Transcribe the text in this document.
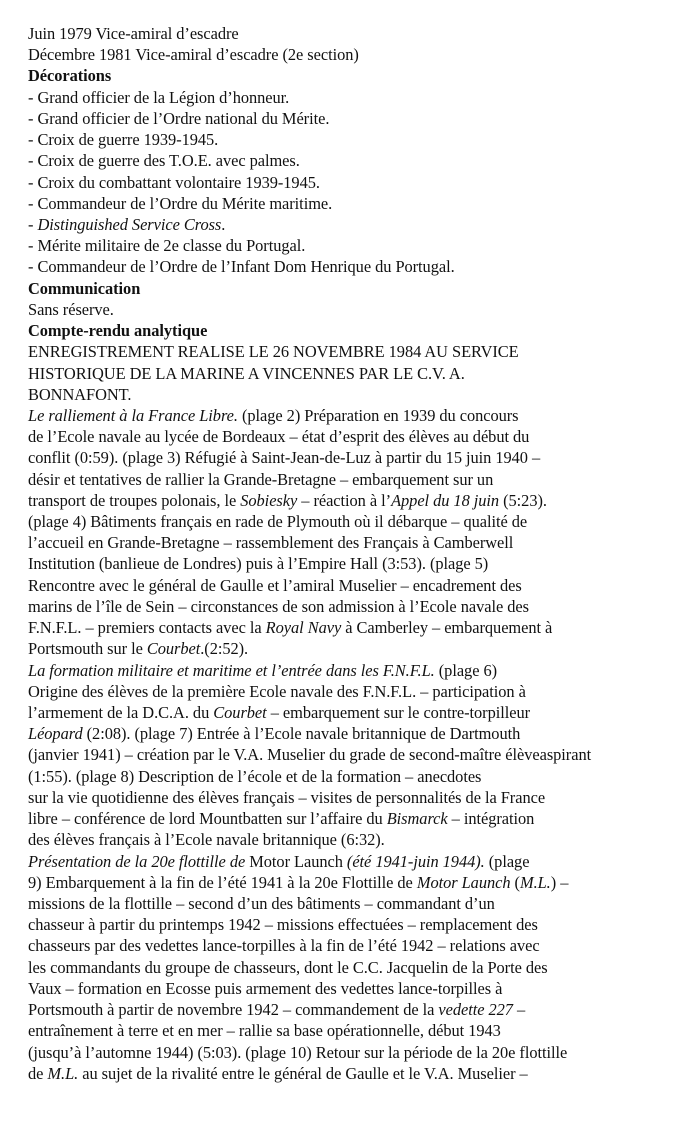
Juin 1979 Vice-amiral d’escadre
Décembre 1981 Vice-amiral d’escadre (2e section)
Décorations
- Grand officier de la Légion d’honneur.
- Grand officier de l’Ordre national du Mérite.
- Croix de guerre 1939-1945.
- Croix de guerre des T.O.E. avec palmes.
- Croix du combattant volontaire 1939-1945.
- Commandeur de l’Ordre du Mérite maritime.
- Distinguished Service Cross.
- Mérite militaire de 2e classe du Portugal.
- Commandeur de l’Ordre de l’Infant Dom Henrique du Portugal.
Communication
Sans réserve.
Compte-rendu analytique
ENREGISTREMENT REALISE LE 26 NOVEMBRE 1984 AU SERVICE
HISTORIQUE DE LA MARINE A VINCENNES PAR LE C.V. A.
BONNAFONT.
Le ralliement à la France Libre. (plage 2) Préparation en 1939 du concours
de l’Ecole navale au lycée de Bordeaux – état d’esprit des élèves au début du
conflit (0:59). (plage 3) Réfugié à Saint-Jean-de-Luz à partir du 15 juin 1940 –
désir et tentatives de rallier la Grande-Bretagne – embarquement sur un
transport de troupes polonais, le Sobiesky – réaction à l’Appel du 18 juin (5:23).
(plage 4) Bâtiments français en rade de Plymouth où il débarque – qualité de
l’accueil en Grande-Bretagne – rassemblement des Français à Camberwell
Institution (banlieue de Londres) puis à l’Empire Hall (3:53). (plage 5)
Rencontre avec le général de Gaulle et l’amiral Muselier – encadrement des
marins de l’île de Sein – circonstances de son admission à l’Ecole navale des
F.N.F.L. – premiers contacts avec la Royal Navy à Camberley – embarquement à
Portsmouth sur le Courbet.(2:52).
La formation militaire et maritime et l’entrée dans les F.N.F.L. (plage 6)
Origine des élèves de la première Ecole navale des F.N.F.L. – participation à
l’armement de la D.C.A. du Courbet – embarquement sur le contre-torpilleur
Léopard (2:08). (plage 7) Entrée à l’Ecole navale britannique de Dartmouth
(janvier 1941) – création par le V.A. Muselier du grade de second-maître élèveaspirant
(1:55). (plage 8) Description de l’école et de la formation – anecdotes
sur la vie quotidienne des élèves français – visites de personnalités de la France
libre – conférence de lord Mountbatten sur l’affaire du Bismarck – intégration
des élèves français à l’Ecole navale britannique (6:32).
Présentation de la 20e flottille de Motor Launch (été 1941-juin 1944). (plage
9) Embarquement à la fin de l’été 1941 à la 20e Flottille de Motor Launch (M.L.) –
missions de la flottille – second d’un des bâtiments – commandant d’un
chasseur à partir du printemps 1942 – missions effectuées – remplacement des
chasseurs par des vedettes lance-torpilles à la fin de l’été 1942 – relations avec
les commandants du groupe de chasseurs, dont le C.C. Jacquelin de la Porte des
Vaux – formation en Ecosse puis armement des vedettes lance-torpilles à
Portsmouth à partir de novembre 1942 – commandement de la vedette 227 –
entraînement à terre et en mer – rallie sa base opérationnelle, début 1943
(jusqu’à l’automne 1944) (5:03). (plage 10) Retour sur la période de la 20e flottille
de M.L. au sujet de la rivalité entre le général de Gaulle et le V.A. Muselier –
